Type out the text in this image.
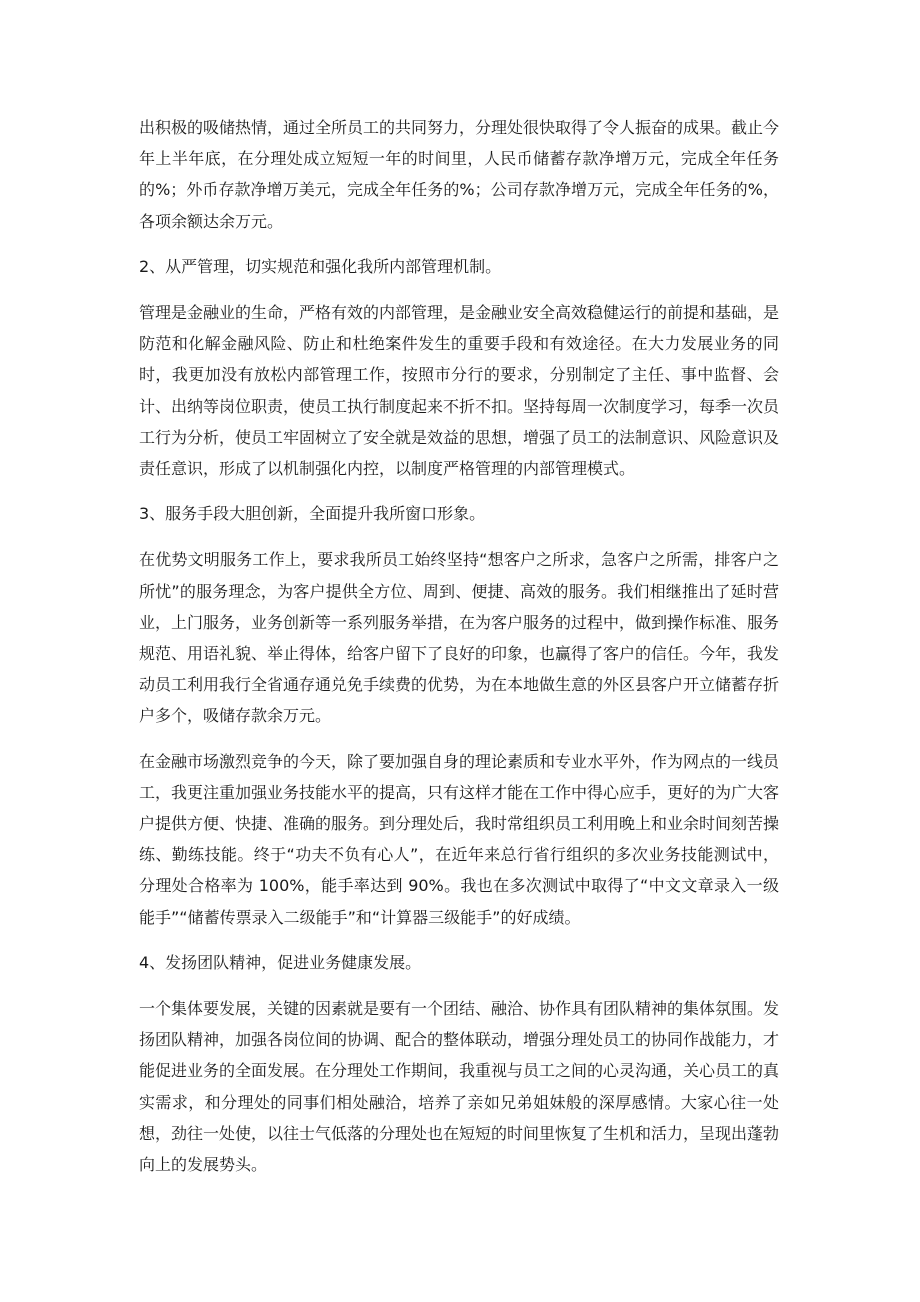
出积极的吸储热情，通过全所员工的共同努力，分理处很快取得了令人振奋的成果。截止今年上半年底，在分理处成立短短一年的时间里，人民币储蓄存款净增万元，完成全年任务的%；外币存款净增万美元，完成全年任务的%；公司存款净增万元，完成全年任务的%，各项余额达余万元。

2、从严管理，切实规范和强化我所内部管理机制。

管理是金融业的生命，严格有效的内部管理，是金融业安全高效稳健运行的前提和基础，是防范和化解金融风险、防止和杜绝案件发生的重要手段和有效途径。在大力发展业务的同时，我更加没有放松内部管理工作，按照市分行的要求，分别制定了主任、事中监督、会计、出纳等岗位职责，使员工执行制度起来不折不扣。坚持每周一次制度学习，每季一次员工行为分析，使员工牢固树立了安全就是效益的思想，增强了员工的法制意识、风险意识及责任意识，形成了以机制强化内控，以制度严格管理的内部管理模式。

3、服务手段大胆创新，全面提升我所窗口形象。

在优势文明服务工作上，要求我所员工始终坚持“想客户之所求，急客户之所需，排客户之所忧”的服务理念，为客户提供全方位、周到、便捷、高效的服务。我们相继推出了延时营业，上门服务，业务创新等一系列服务举措，在为客户服务的过程中，做到操作标准、服务规范、用语礼貌、举止得体，给客户留下了良好的印象，也赢得了客户的信任。今年，我发动员工利用我行全省通存通兑免手续费的优势，为在本地做生意的外区县客户开立储蓄存折户多个，吸储存款余万元。

在金融市场激烈竞争的今天，除了要加强自身的理论素质和专业水平外，作为网点的一线员工，我更注重加强业务技能水平的提高，只有这样才能在工作中得心应手，更好的为广大客户提供方便、快捷、准确的服务。到分理处后，我时常组织员工利用晚上和业余时间刻苦操练、勤练技能。终于“功夫不负有心人”，在近年来总行省行组织的多次业务技能测试中，分理处合格率为 100%，能手率达到 90%。我也在多次测试中取得了“中文文章录入一级能手”“储蓄传票录入二级能手”和“计算器三级能手”的好成绩。

4、发扬团队精神，促进业务健康发展。

一个集体要发展，关键的因素就是要有一个团结、融洽、协作具有团队精神的集体氛围。发扬团队精神，加强各岗位间的协调、配合的整体联动，增强分理处员工的协同作战能力，才能促进业务的全面发展。在分理处工作期间，我重视与员工之间的心灵沟通，关心员工的真实需求，和分理处的同事们相处融洽，培养了亲如兄弟姐妹般的深厚感情。大家心往一处想，劲往一处使，以往士气低落的分理处也在短短的时间里恢复了生机和活力，呈现出蓬勃向上的发展势头。
